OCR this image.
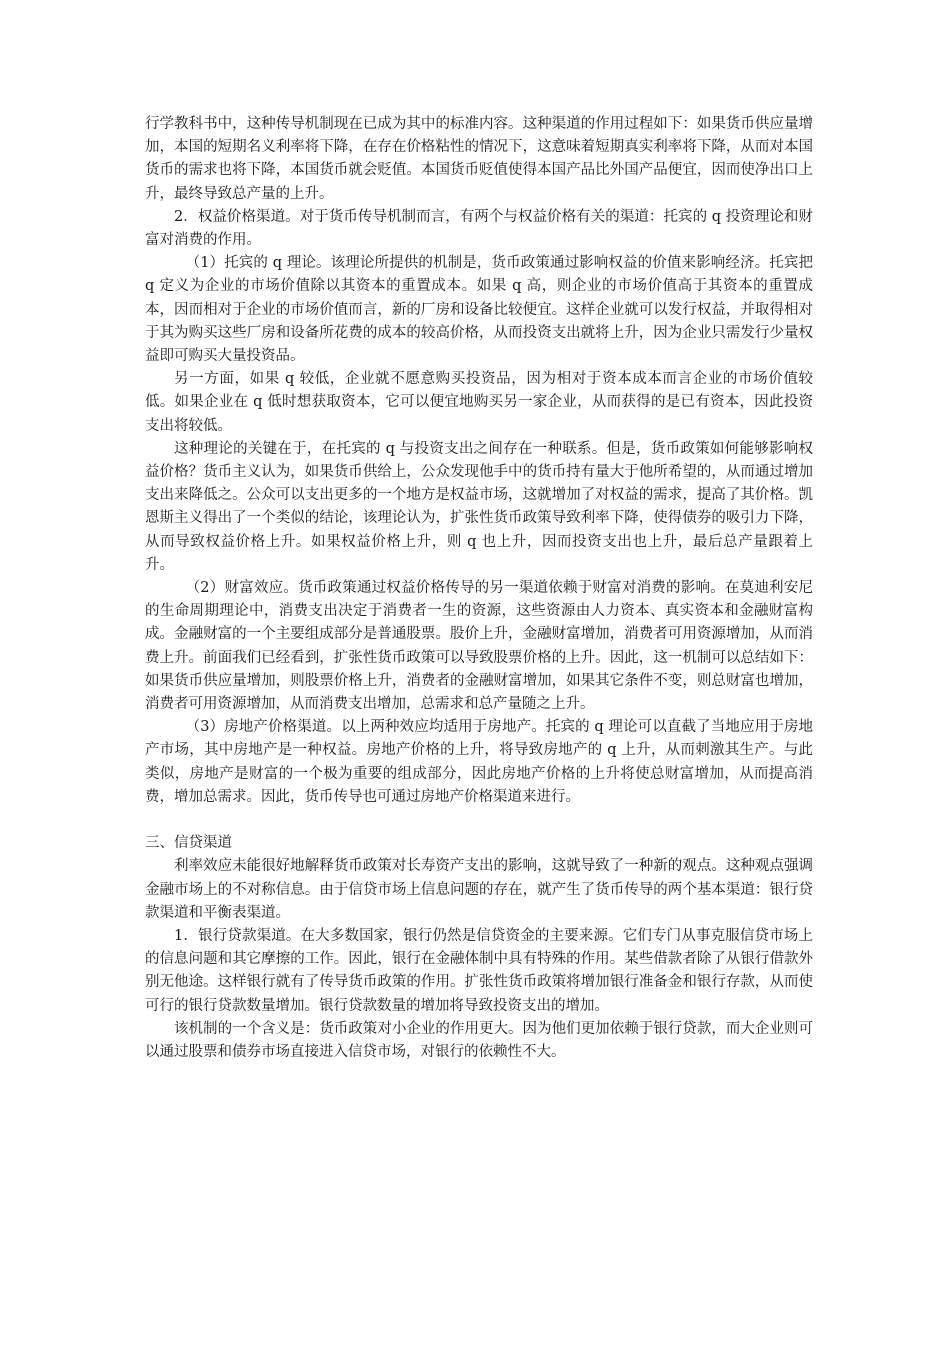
行学教科书中，这种传导机制现在已成为其中的标准内容。这种渠道的作用过程如下：如果货币供应量增加，本国的短期名义利率将下降，在存在价格粘性的情况下，这意味着短期真实利率将下降，从而对本国货币的需求也将下降，本国货币就会贬值。本国货币贬值使得本国产品比外国产品便宜，因而使净出口上升，最终导致总产量的上升。

2．权益价格渠道。对于货币传导机制而言，有两个与权益价格有关的渠道：托宾的 q 投资理论和财富对消费的作用。

（1）托宾的 q 理论。该理论所提供的机制是，货币政策通过影响权益的价值来影响经济。托宾把 q 定义为企业的市场价值除以其资本的重置成本。如果 q 高，则企业的市场价值高于其资本的重置成本，因而相对于企业的市场价值而言，新的厂房和设备比较便宜。这样企业就可以发行权益，并取得相对于其为购买这些厂房和设备所花费的成本的较高价格，从而投资支出就将上升，因为企业只需发行少量权益即可购买大量投资品。

另一方面，如果 q 较低，企业就不愿意购买投资品，因为相对于资本成本而言企业的市场价值较低。如果企业在 q 低时想获取资本，它可以便宜地购买另一家企业，从而获得的是已有资本，因此投资支出将较低。

这种理论的关键在于，在托宾的 q 与投资支出之间存在一种联系。但是，货币政策如何能够影响权益价格？货币主义认为，如果货币供给上，公众发现他手中的货币持有量大于他所希望的，从而通过增加支出来降低之。公众可以支出更多的一个地方是权益市场，这就增加了对权益的需求，提高了其价格。凯恩斯主义得出了一个类似的结论，该理论认为，扩张性货币政策导致利率下降，使得债券的吸引力下降，从而导致权益价格上升。如果权益价格上升，则 q 也上升，因而投资支出也上升，最后总产量跟着上升。

（2）财富效应。货币政策通过权益价格传导的另一渠道依赖于财富对消费的影响。在莫迪利安尼的生命周期理论中，消费支出决定于消费者一生的资源，这些资源由人力资本、真实资本和金融财富构成。金融财富的一个主要组成部分是普通股票。股价上升，金融财富增加，消费者可用资源增加，从而消费上升。前面我们已经看到，扩张性货币政策可以导致股票价格的上升。因此，这一机制可以总结如下：如果货币供应量增加，则股票价格上升，消费者的金融财富增加，如果其它条件不变，则总财富也增加，消费者可用资源增加，从而消费支出增加，总需求和总产量随之上升。

（3）房地产价格渠道。以上两种效应均适用于房地产。托宾的 q 理论可以直截了当地应用于房地产市场，其中房地产是一种权益。房地产价格的上升，将导致房地产的 q 上升，从而刺激其生产。与此类似，房地产是财富的一个极为重要的组成部分，因此房地产价格的上升将使总财富增加，从而提高消费，增加总需求。因此，货币传导也可通过房地产价格渠道来进行。

三、信贷渠道

利率效应未能很好地解释货币政策对长寿资产支出的影响，这就导致了一种新的观点。这种观点强调金融市场上的不对称信息。由于信贷市场上信息问题的存在，就产生了货币传导的两个基本渠道：银行贷款渠道和平衡表渠道。

1．银行贷款渠道。在大多数国家，银行仍然是信贷资金的主要来源。它们专门从事克服信贷市场上的信息问题和其它摩擦的工作。因此，银行在金融体制中具有特殊的作用。某些借款者除了从银行借款外别无他途。这样银行就有了传导货币政策的作用。扩张性货币政策将增加银行准备金和银行存款，从而使可行的银行贷款数量增加。银行贷款数量的增加将导致投资支出的增加。

该机制的一个含义是：货币政策对小企业的作用更大。因为他们更加依赖于银行贷款，而大企业则可以通过股票和债券市场直接进入信贷市场，对银行的依赖性不大。
